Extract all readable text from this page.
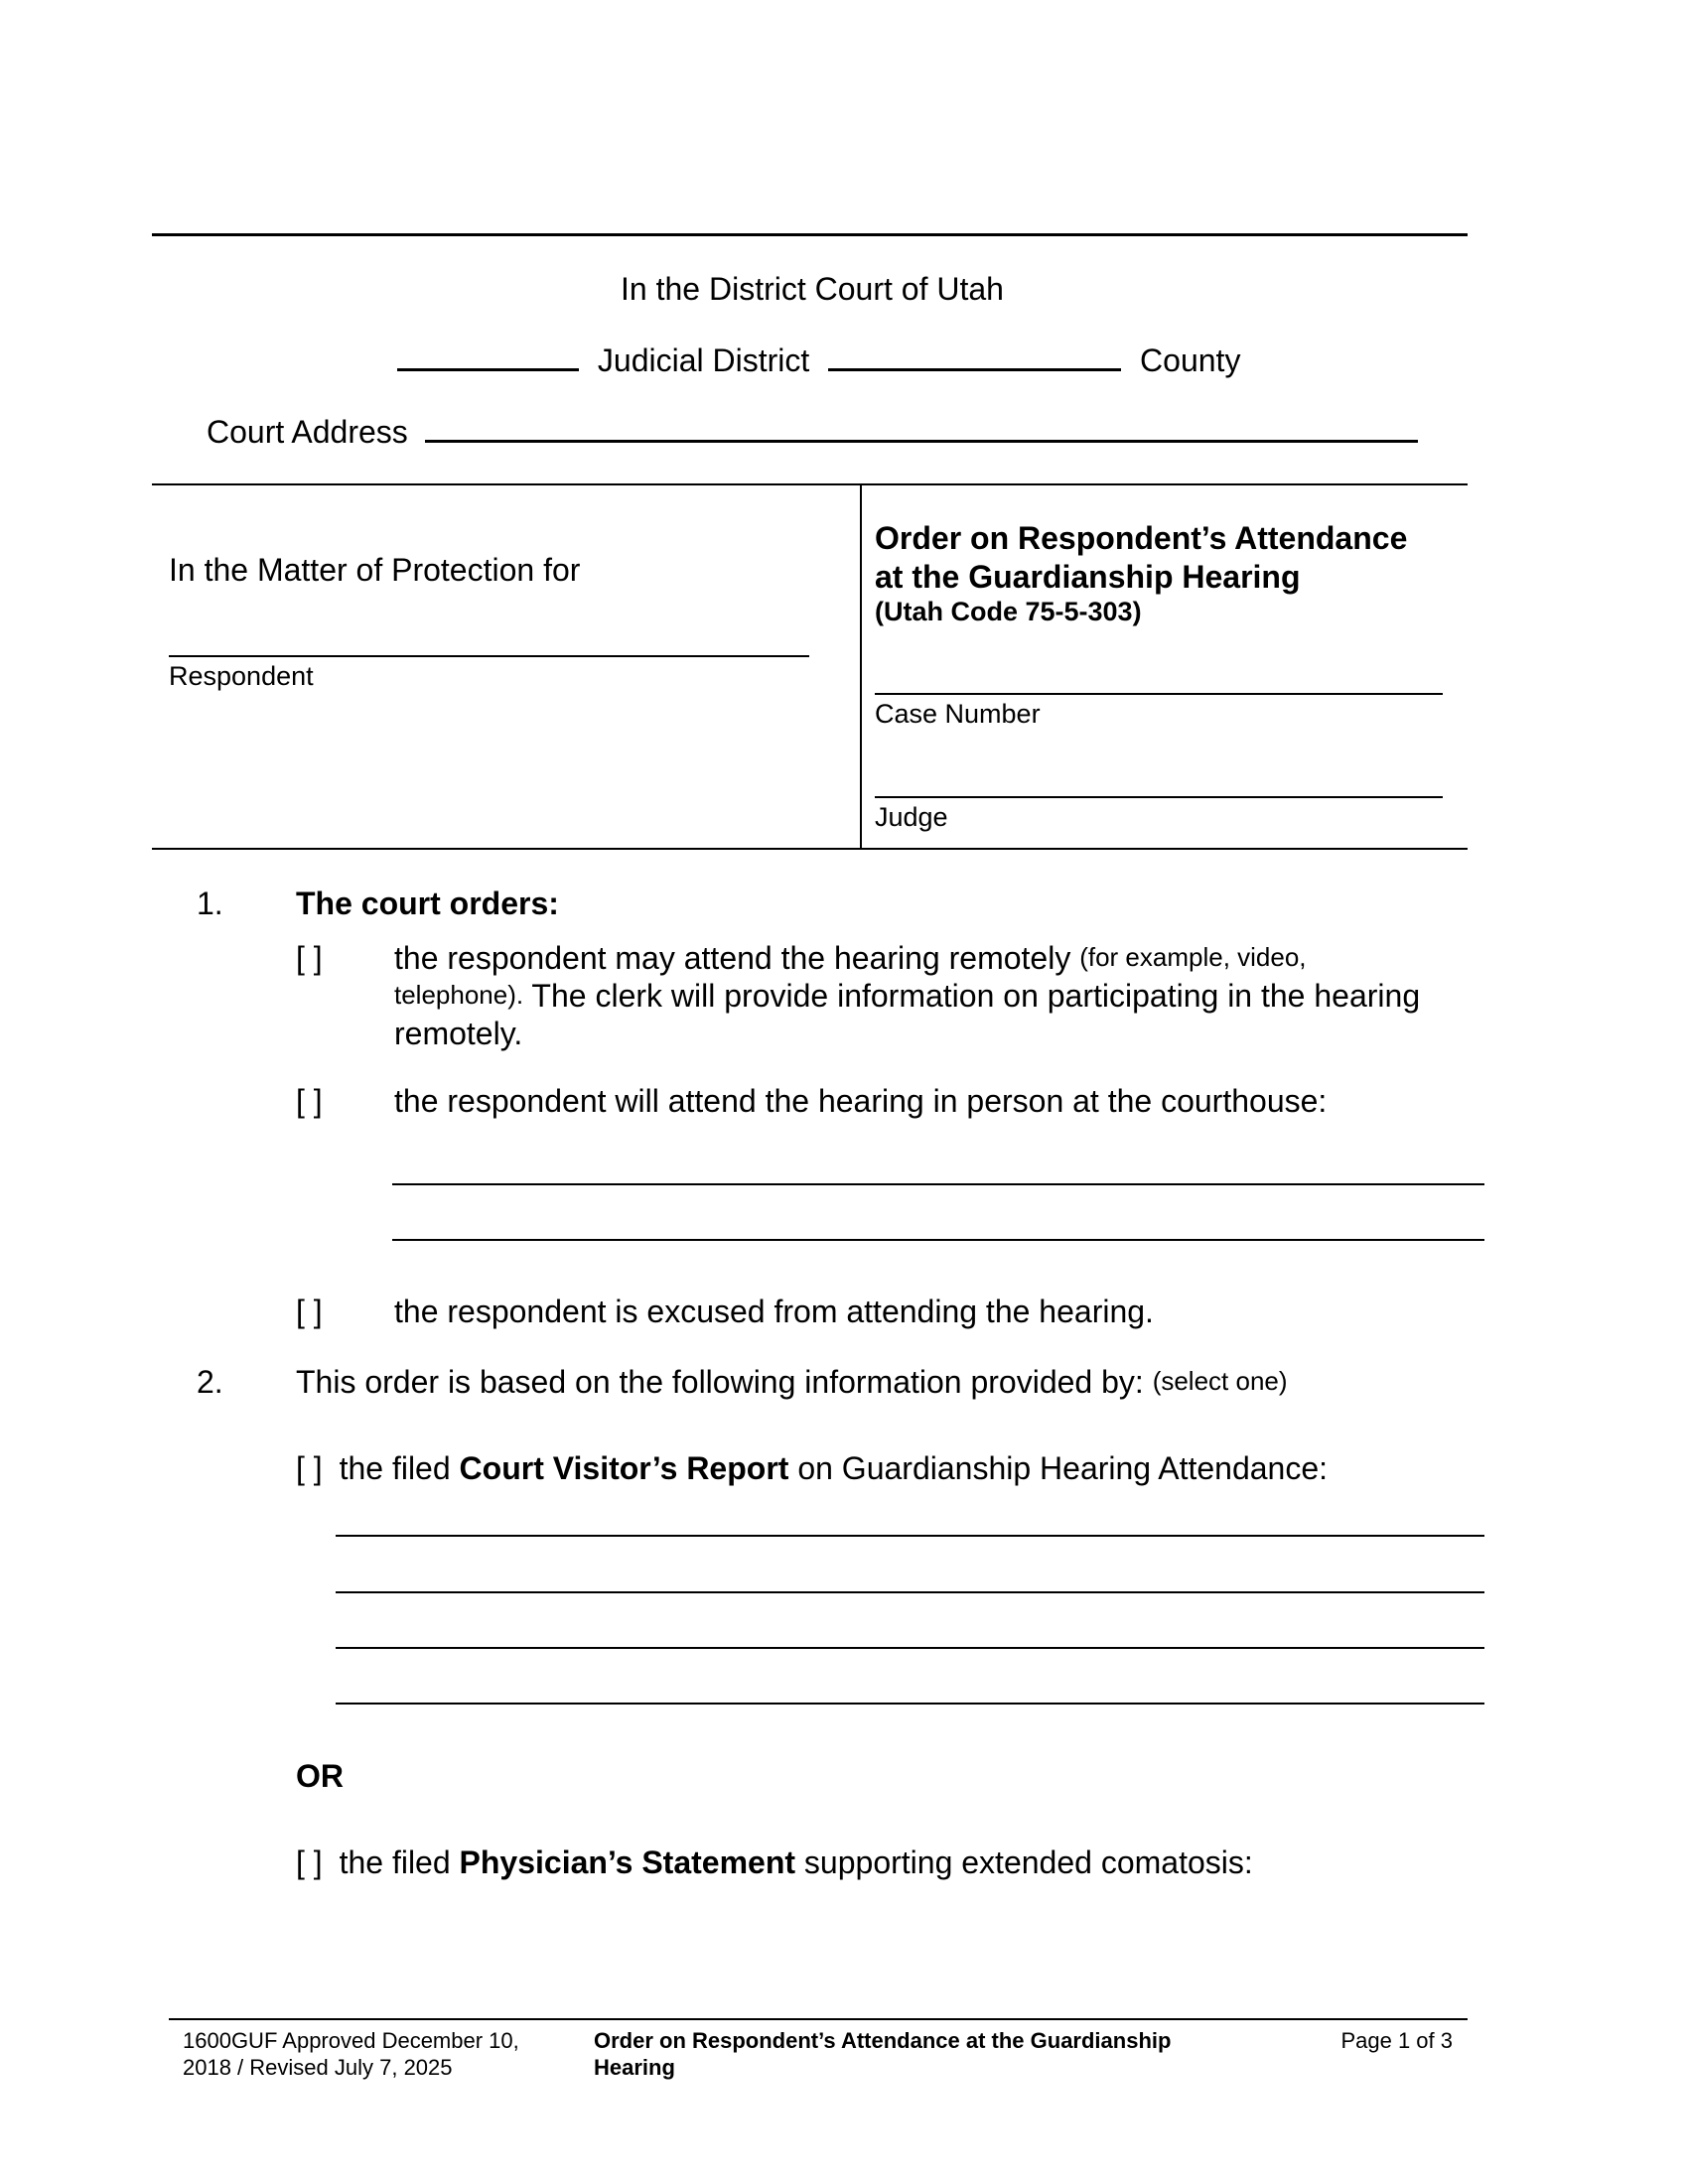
In the District Court of Utah
Judicial District	County
Court Address
In the Matter of Protection for
Respondent
Order on Respondent’s Attendance
at the Guardianship Hearing
(Utah Code 75-5-303)
Case Number
Judge
1. The court orders:
[ ] the respondent may attend the hearing remotely (for example, video,
telephone). The clerk will provide information on participating in the hearing
remotely.
[ ] the respondent will attend the hearing in person at the courthouse:
[ ] the respondent is excused from attending the hearing.
2. This order is based on the following information provided by: (select one)
[ ] the filed Court Visitor’s Report on Guardianship Hearing Attendance:
OR
[ ] the filed Physician’s Statement supporting extended comatosis:
1600GUF Approved December 10,
2018 / Revised July 7, 2025
Order on Respondent’s Attendance at the Guardianship
Hearing
Page 1 of 3
